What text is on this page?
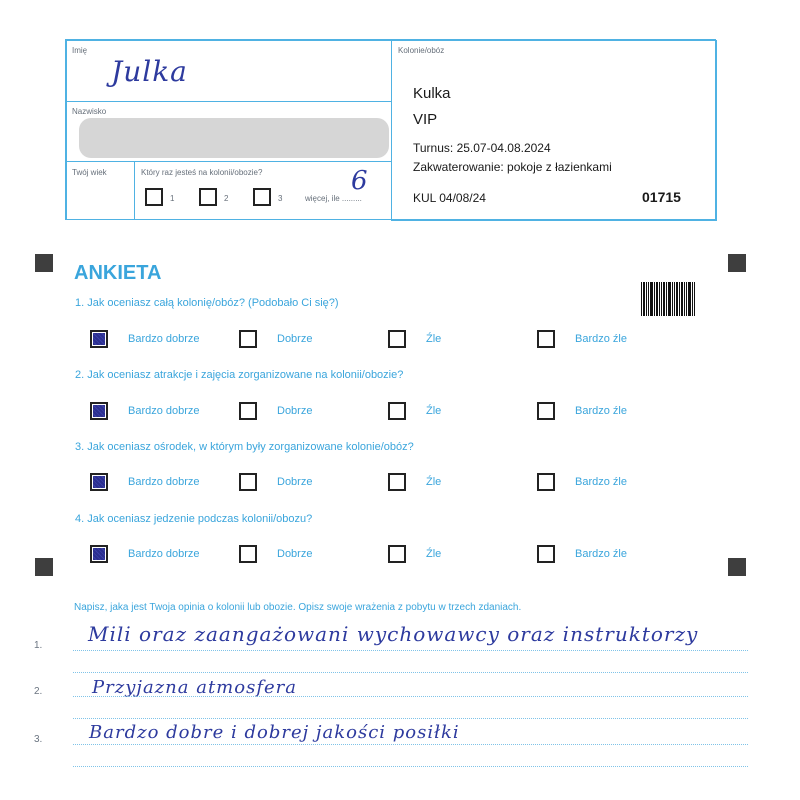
Imię
Julka
Nazwisko
Twój wiek	Który raz jesteś na kolonii/obozie?
1	2	3	więcej, ile .........
6
Kolonie/obóz
Kulka
VIP
Turnus: 25.07-04.08.2024
Zakwaterowanie: pokoje z łazienkami
KUL 04/08/24	01715
ANKIETA
1. Jak oceniasz całą kolonię/obóz? (Podobało Ci się?)
Bardzo dobrze	Dobrze	Źle	Bardzo źle
2. Jak oceniasz atrakcje i zajęcia zorganizowane na kolonii/obozie?
Bardzo dobrze	Dobrze	Źle	Bardzo źle
3. Jak oceniasz ośrodek, w którym były zorganizowane kolonie/obóz?
Bardzo dobrze	Dobrze	Źle	Bardzo źle
4. Jak oceniasz jedzenie podczas kolonii/obozu?
Bardzo dobrze	Dobrze	Źle	Bardzo źle
Napisz, jaka jest Twoja opinia o kolonii lub obozie. Opisz swoje wrażenia z pobytu w trzech zdaniach.
1. Mili oraz zaangażowani wychowawcy oraz instruktorzy
2.	Przyjazna atmosfera
3.	Bardzo dobre i dobrej jakości posiłki
